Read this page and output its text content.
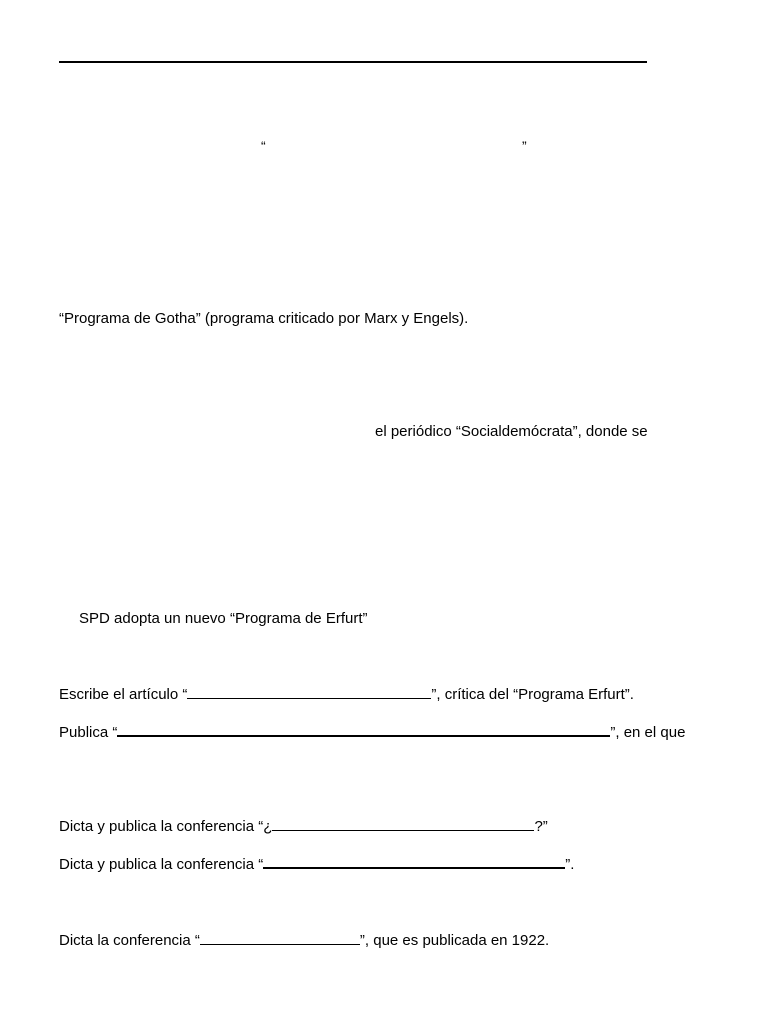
“	”
“Programa de Gotha” (programa criticado por Marx y Engels).
el periódico “Socialdemócrata”, donde se
SPD adopta un nuevo “Programa de Erfurt”
Escribe el artículo “	”, crítica del “Programa Erfurt”.
Publica “	”, en el que
Dicta y publica la conferencia “¿	?”
Dicta y publica la conferencia “	”.
Dicta la conferencia “	”, que es publicada en 1922.
